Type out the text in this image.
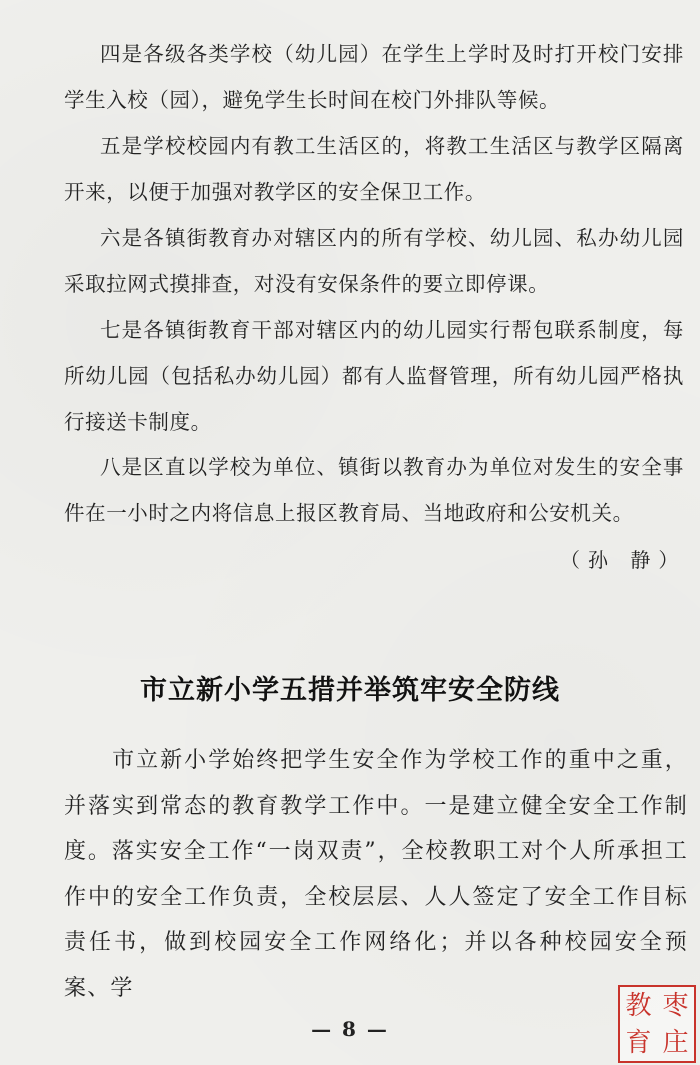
四是各级各类学校（幼儿园）在学生上学时及时打开校门安排学生入校（园），避免学生长时间在校门外排队等候。

五是学校校园内有教工生活区的，将教工生活区与教学区隔离开来，以便于加强对教学区的安全保卫工作。

六是各镇街教育办对辖区内的所有学校、幼儿园、私办幼儿园采取拉网式摸排查，对没有安保条件的要立即停课。

七是各镇街教育干部对辖区内的幼儿园实行帮包联系制度，每所幼儿园（包括私办幼儿园）都有人监督管理，所有幼儿园严格执行接送卡制度。

八是区直以学校为单位、镇街以教育办为单位对发生的安全事件在一小时之内将信息上报区教育局、当地政府和公安机关。

（孙 静）
市立新小学五措并举筑牢安全防线
　　市立新小学始终把学生安全作为学校工作的重中之重，并落实到常态的教育教学工作中。一是建立健全安全工作制度。落实安全工作“一岗双责”，全校教职工对个人所承担工作中的安全工作负责，全校层层、人人签定了安全工作目标责任书，做到校园安全工作网络化；并以各种校园安全预案、学
— 8 —
教 枣
育 庄
